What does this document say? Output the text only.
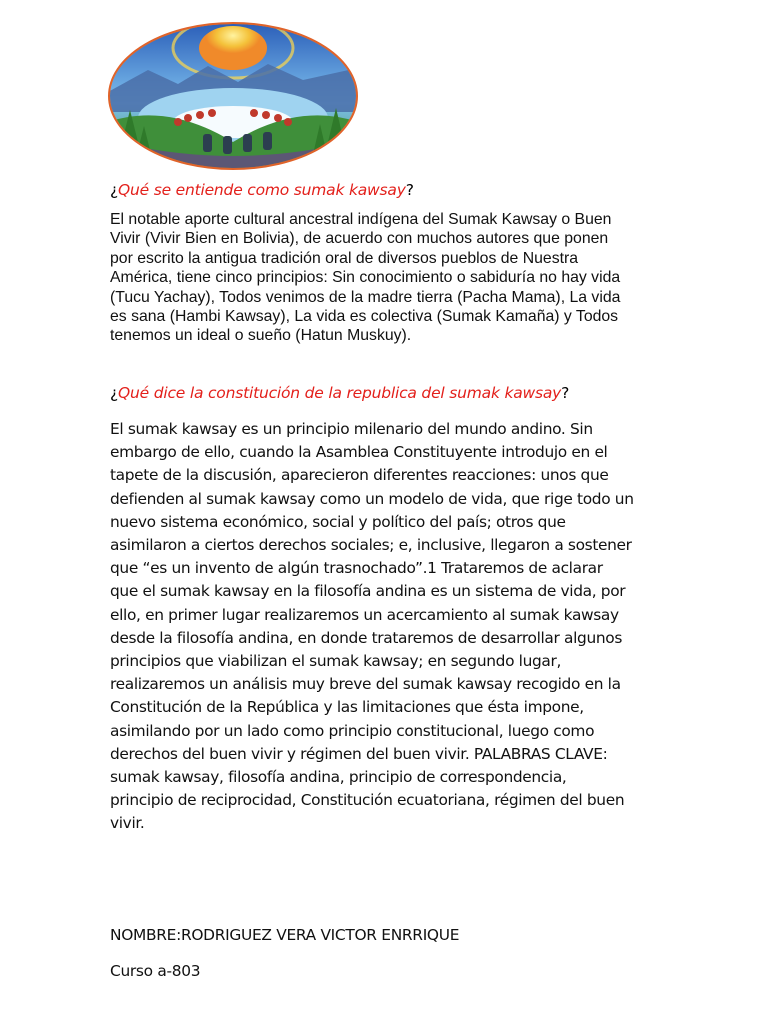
¿Qué se entiende como sumak kawsay?

El notable aporte cultural ancestral indígena del Sumak Kawsay o Buen
Vivir (Vivir Bien en Bolivia), de acuerdo con muchos autores que ponen
por escrito la antigua tradición oral de diversos pueblos de Nuestra
América, tiene cinco principios: Sin conocimiento o sabiduría no hay vida
(Tucu Yachay), Todos venimos de la madre tierra (Pacha Mama), La vida
es sana (Hambi Kawsay), La vida es colectiva (Sumak Kamaña) y Todos
tenemos un ideal o sueño (Hatun Muskuy).

¿Qué dice la constitución de la republica del sumak kawsay?

El sumak kawsay es un principio milenario del mundo andino. Sin
embargo de ello, cuando la Asamblea Constituyente introdujo en el
tapete de la discusión, aparecieron diferentes reacciones: unos que
defienden al sumak kawsay como un modelo de vida, que rige todo un
nuevo sistema económico, social y político del país; otros que
asimilaron a ciertos derechos sociales; e, inclusive, llegaron a sostener
que “es un invento de algún trasnochado”.1 Trataremos de aclarar
que el sumak kawsay en la filosofía andina es un sistema de vida, por
ello, en primer lugar realizaremos un acercamiento al sumak kawsay
desde la filosofía andina, en donde trataremos de desarrollar algunos
principios que viabilizan el sumak kawsay; en segundo lugar,
realizaremos un análisis muy breve del sumak kawsay recogido en la
Constitución de la República y las limitaciones que ésta impone,
asimilando por un lado como principio constitucional, luego como
derechos del buen vivir y régimen del buen vivir. PALABRAS CLAVE:
sumak kawsay, filosofía andina, principio de correspondencia,
principio de reciprocidad, Constitución ecuatoriana, régimen del buen
vivir.

NOMBRE:RODRIGUEZ VERA VICTOR ENRRIQUE
Curso a-803
